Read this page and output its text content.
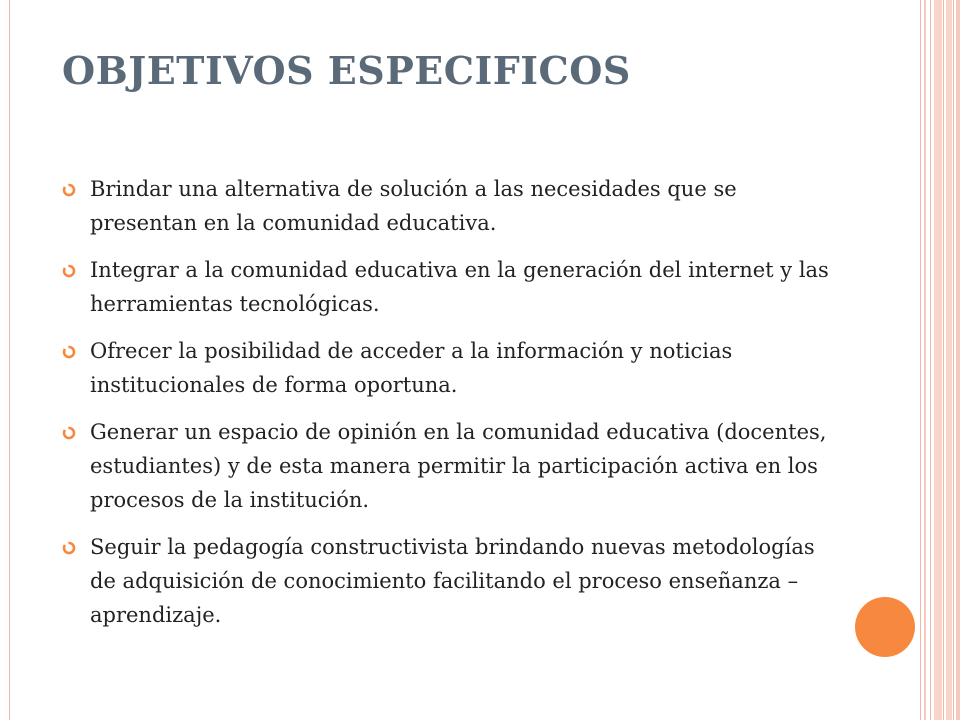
OBJETIVOS ESPECIFICOS
Brindar una alternativa de solución a las necesidades que se presentan en la comunidad educativa.
Integrar a la comunidad educativa en la generación del internet y las herramientas tecnológicas.
Ofrecer la posibilidad de acceder a la información y noticias institucionales de forma oportuna.
Generar un espacio de opinión en la comunidad educativa (docentes, estudiantes) y de esta manera permitir la participación activa en los procesos de la institución.
Seguir la pedagogía constructivista brindando nuevas metodologías de adquisición de conocimiento facilitando el proceso enseñanza – aprendizaje.
